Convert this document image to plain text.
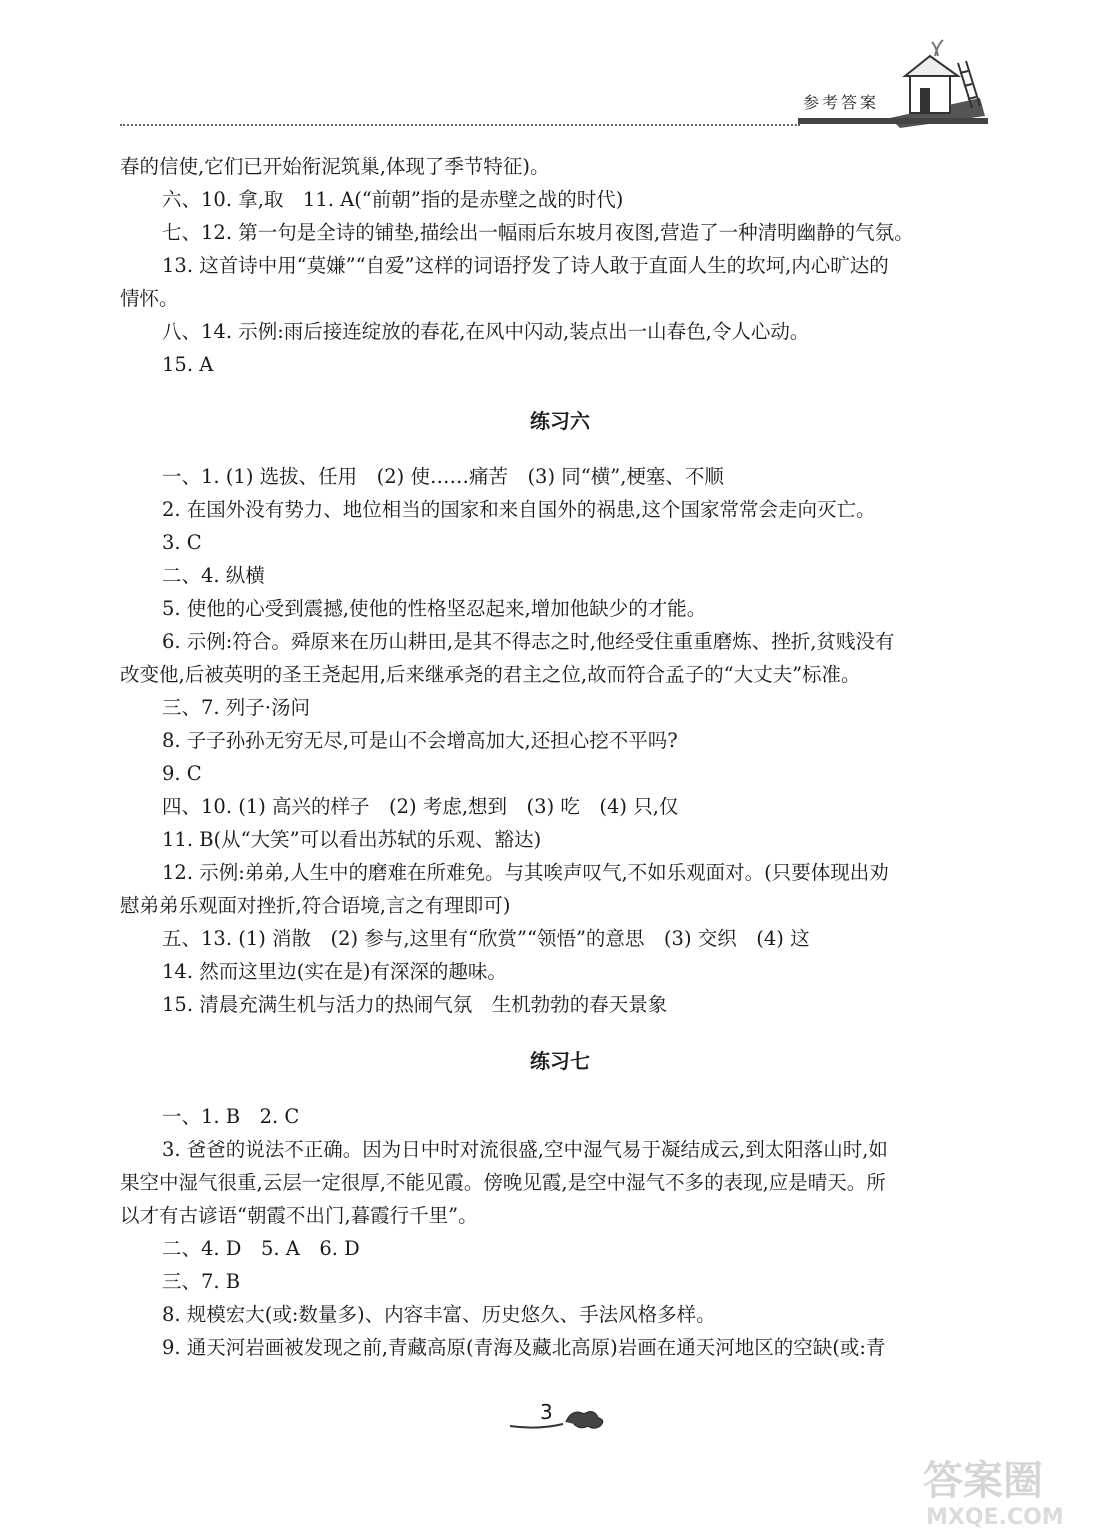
参考答案
春的信使,它们已开始衔泥筑巢,体现了季节特征)。
六、10. 拿,取　11. A(“前朝”指的是赤壁之战的时代)
七、12. 第一句是全诗的铺垫,描绘出一幅雨后东坡月夜图,营造了一种清明幽静的气氛。
13. 这首诗中用“莫嫌”“自爱”这样的词语抒发了诗人敢于直面人生的坎坷,内心旷达的
情怀。
八、14. 示例:雨后接连绽放的春花,在风中闪动,装点出一山春色,令人心动。
15. A
练习六
一、1. (1) 选拔、任用　(2) 使……痛苦　(3) 同“横”,梗塞、不顺
2. 在国外没有势力、地位相当的国家和来自国外的祸患,这个国家常常会走向灭亡。
3. C
二、4. 纵横
5. 使他的心受到震撼,使他的性格坚忍起来,增加他缺少的才能。
6. 示例:符合。舜原来在历山耕田,是其不得志之时,他经受住重重磨炼、挫折,贫贱没有
改变他,后被英明的圣王尧起用,后来继承尧的君主之位,故而符合孟子的“大丈夫”标准。
三、7. 列子·汤问
8. 子子孙孙无穷无尽,可是山不会增高加大,还担心挖不平吗?
9. C
四、10. (1) 高兴的样子　(2) 考虑,想到　(3) 吃　(4) 只,仅
11. B(从“大笑”可以看出苏轼的乐观、豁达)
12. 示例:弟弟,人生中的磨难在所难免。与其唉声叹气,不如乐观面对。(只要体现出劝
慰弟弟乐观面对挫折,符合语境,言之有理即可)
五、13. (1) 消散　(2) 参与,这里有“欣赏”“领悟”的意思　(3) 交织　(4) 这
14. 然而这里边(实在是)有深深的趣味。
15. 清晨充满生机与活力的热闹气氛　生机勃勃的春天景象
练习七
一、1. B　2. C
3. 爸爸的说法不正确。因为日中时对流很盛,空中湿气易于凝结成云,到太阳落山时,如
果空中湿气很重,云层一定很厚,不能见霞。傍晚见霞,是空中湿气不多的表现,应是晴天。所
以才有古谚语“朝霞不出门,暮霞行千里”。
二、4. D　5. A　6. D
三、7. B
8. 规模宏大(或:数量多)、内容丰富、历史悠久、手法风格多样。
9. 通天河岩画被发现之前,青藏高原(青海及藏北高原)岩画在通天河地区的空缺(或:青
3
答案圈
MXQE.COM
